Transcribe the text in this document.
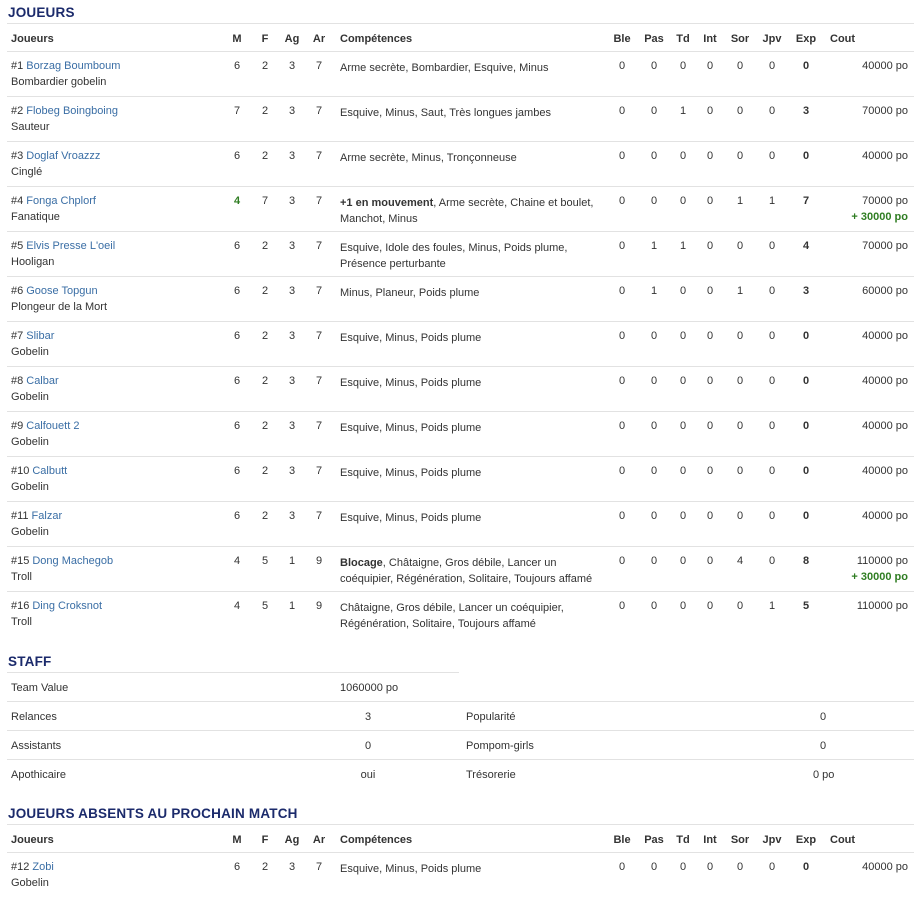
JOUEURS
Joueurs	M	F	Ag	Ar	Ble	Pas	Td	Int	Sor	Jpv	Exp
Compétences	Cout
#1 Borzag Boumboum
Bombardier gobelin
6	2	3	7	0	0	0	0	0	0	0
Arme secrète, Bombardier, Esquive, Minus	40000 po
#2 Flobeg Boingboing
Sauteur
7	2	3	7	0	0	1	0	0	0	3
Esquive, Minus, Saut, Très longues jambes	70000 po
#3 Doglaf Vroazzz
Cinglé
6	2	3	7	0	0	0	0	0	0	0
Arme secrète, Minus, Tronçonneuse	40000 po
#4 Fonga Chplorf
Fanatique
4	7	3	7	0	0	0	0	1	1	7
+1 en mouvement, Arme secrète, Chaine et boulet, Manchot, Minus
70000 po
+ 30000 po
#5 Elvis Presse L'oeil
Hooligan
6	2	3	7	0	1	1	0	0	0	4
Esquive, Idole des foules, Minus, Poids plume, Présence perturbante
70000 po
#6 Goose Topgun
Plongeur de la Mort
6	2	3	7	0	1	0	0	1	0	3
Minus, Planeur, Poids plume	60000 po
#7 Slibar
Gobelin
6	2	3	7	0	0	0	0	0	0	0
Esquive, Minus, Poids plume	40000 po
#8 Calbar
Gobelin
6	2	3	7	0	0	0	0	0	0	0
Esquive, Minus, Poids plume	40000 po
#9 Calfouett 2
Gobelin
6	2	3	7	0	0	0	0	0	0	0
Esquive, Minus, Poids plume	40000 po
#10 Calbutt
Gobelin
6	2	3	7	0	0	0	0	0	0	0
Esquive, Minus, Poids plume	40000 po
#11 Falzar
Gobelin
6	2	3	7	0	0	0	0	0	0	0
Esquive, Minus, Poids plume	40000 po
#15 Dong Machegob
Troll
4	5	1	9	0	0	0	0	4	0	8
Blocage, Châtaigne, Gros débile, Lancer un coéquipier, Régénération, Solitaire, Toujours affamé
110000 po
+ 30000 po
#16 Ding Croksnot
Troll
4	5	1	9	0	0	0	0	0	1	5
Châtaigne, Gros débile, Lancer un coéquipier, Régénération, Solitaire, Toujours affamé
110000 po
STAFF
Team Value	1060000 po
Relances	3	Popularité	0
Assistants	0	Pompom-girls	0
Apothicaire	oui	Trésorerie	0 po
JOUEURS ABSENTS AU PROCHAIN MATCH
Joueurs	M	F	Ag	Ar	Ble	Pas	Td	Int	Sor	Jpv	Exp
Compétences	Cout
#12 Zobi
Gobelin
6	2	3	7	0	0	0	0	0	0	0
Esquive, Minus, Poids plume	40000 po
